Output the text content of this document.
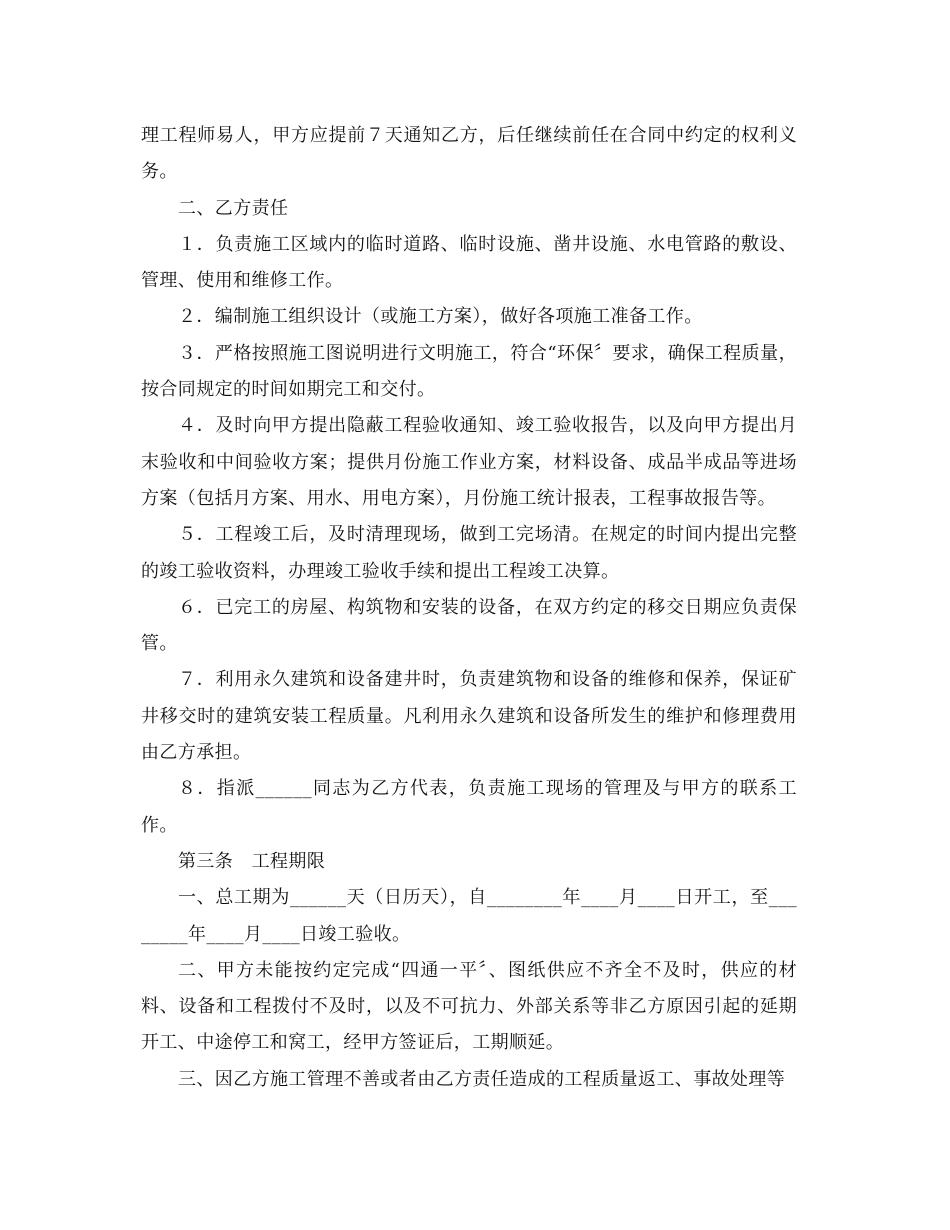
理工程师易人，甲方应提前７天通知乙方，后任继续前任在合同中约定的权利义务。

二、乙方责任

１．负责施工区域内的临时道路、临时设施、凿井设施、水电管路的敷设、管理、使用和维修工作。

２．编制施工组织设计（或施工方案），做好各项施工准备工作。

３．严格按照施工图说明进行文明施工，符合“环保〞要求，确保工程质量，按合同规定的时间如期完工和交付。

４．及时向甲方提出隐蔽工程验收通知、竣工验收报告，以及向甲方提出月末验收和中间验收方案；提供月份施工作业方案，材料设备、成品半成品等进场方案（包括月方案、用水、用电方案），月份施工统计报表，工程事故报告等。

５．工程竣工后，及时清理现场，做到工完场清。在规定的时间内提出完整的竣工验收资料，办理竣工验收手续和提出工程竣工决算。

６．已完工的房屋、构筑物和安装的设备，在双方约定的移交日期应负责保管。

７．利用永久建筑和设备建井时，负责建筑物和设备的维修和保养，保证矿井移交时的建筑安装工程质量。凡利用永久建筑和设备所发生的维护和修理费用由乙方承担。

８．指派______同志为乙方代表，负责施工现场的管理及与甲方的联系工作。

第三条　工程期限

一、总工期为______天（日历天），自________年____月____日开工，至________年____月____日竣工验收。

二、甲方未能按约定完成“四通一平〞、图纸供应不齐全不及时，供应的材料、设备和工程拨付不及时，以及不可抗力、外部关系等非乙方原因引起的延期开工、中途停工和窝工，经甲方签证后，工期顺延。

三、因乙方施工管理不善或者由乙方责任造成的工程质量返工、事故处理等
